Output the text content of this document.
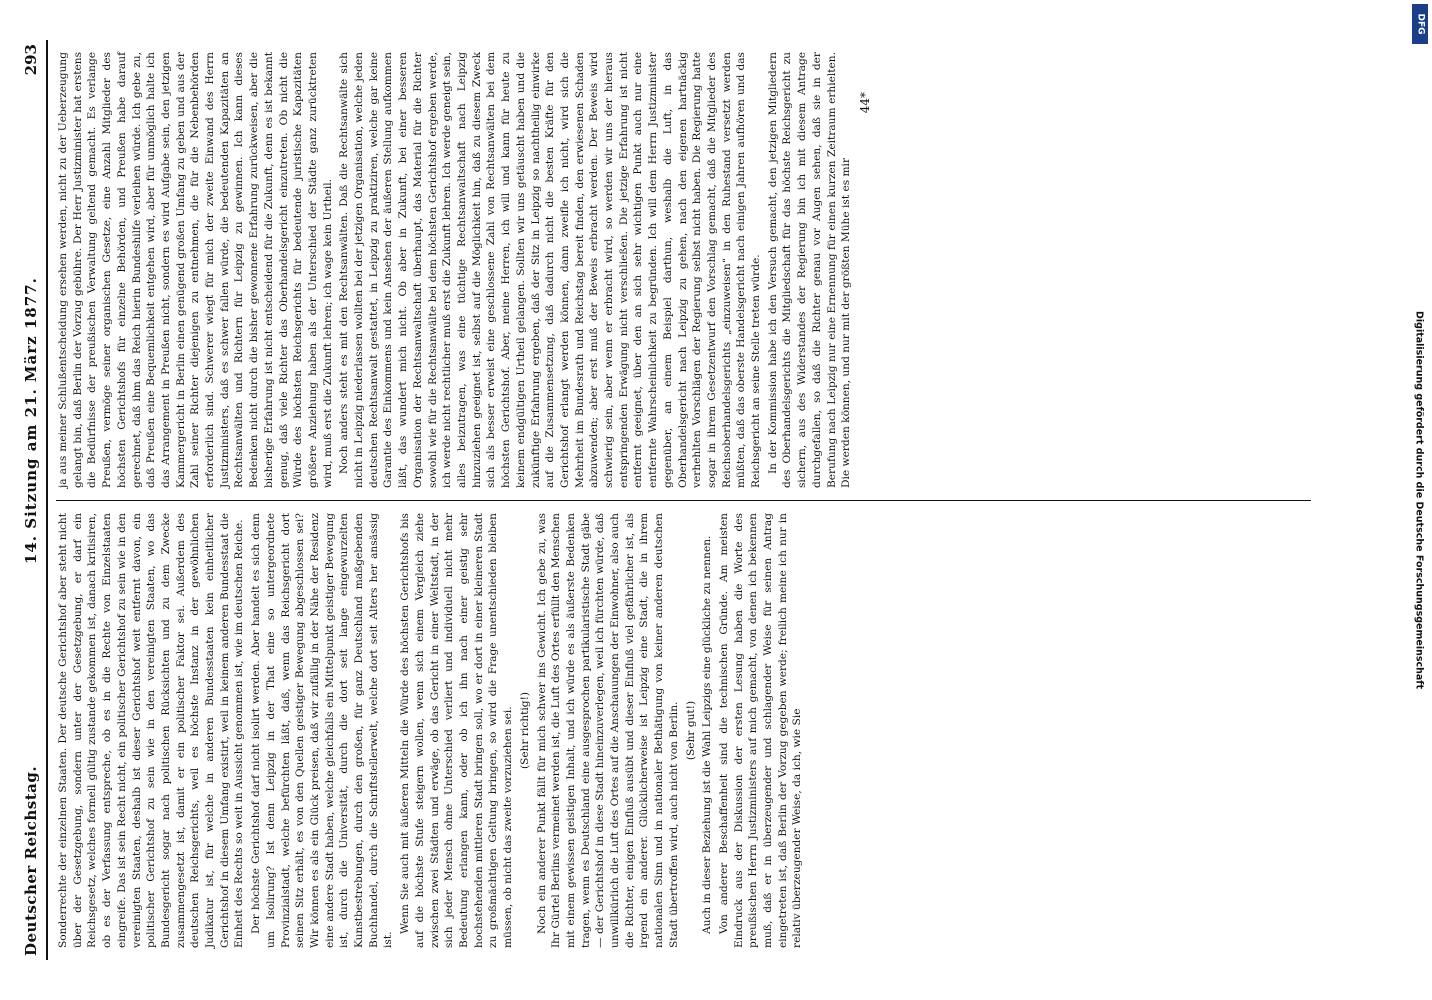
Deutscher Reichstag.
14. Sitzung am 21. März 1877.
293

Sonderrechte der einzelnen Staaten. Der deutsche Gerichtshof aber steht nicht über der Gesetzgebung, sondern unter der Gesetzgebung, er darf ein Reichsgesetz, welches formell gültig zustande gekommen ist, danach kritisiren, ob es der Verfassung entspreche, ob es in die Rechte von Einzelstaaten eingreife. Das ist sein Recht nicht, ein politischer Gerichtshof zu sein wie in den vereinigten Staaten, deshalb ist dieser Gerichtshof weit entfernt davon, ein politischer Gerichtshof zu sein wie in den vereinigten Staaten, wo das Bundesgericht sogar nach politischen Rücksichten und zu dem Zwecke zusammengesetzt ist, damit er ein politischer Faktor sei. Außerdem des deutschen Reichsgerichts, weil es höchste Instanz in der gewöhnlichen Judikatur ist, für welche in anderen Bundesstaaten kein einheitlicher Gerichtshof in diesem Umfang existirt, weil in keinem anderen Bundesstaat die Einheit des Rechts so weit in Aussicht genommen ist, wie im deutschen Reiche. Der höchste Gerichtshof darf nicht isolirt werden. Aber handelt es sich denn um Isolirung? Ist denn Leipzig in der That eine so untergeordnete Provinzialstadt, welche befürchten läßt, daß, wenn das Reichsgericht dort seinen Sitz erhält, es von den Quellen geistiger Bewegung abgeschlossen sei? Wir können es als ein Glück preisen, daß wir zufällig in der Nähe der Residenz eine andere Stadt haben, welche gleichfalls ein Mittelpunkt geistiger Bewegung ist, durch die Universität, durch die dort seit lange eingewurzelten Kunstbestrebungen, durch den großen, für ganz Deutschland maßgebenden Buchhandel, durch die Schriftstellerwelt, welche dort seit Alters her ansässig ist.

Wenn Sie auch mit äußeren Mitteln die Würde des höchsten Gerichtshofs bis auf die höchste Stufe steigern wollen, wenn sich einem Vergleich ziehe zwischen zwei Städten und erwäge, ob das Gericht in einer Weltstadt, in der sich jeder Mensch ohne Unterschied verliert und individuell nicht mehr Bedeutung erlangen kann, oder ob ich ihn nach einer geistig sehr hochstehenden mittleren Stadt bringen soll, wo er dort in einer kleineren Stadt zu großmächtigen Geltung bringen, so wird die Frage unentschieden bleiben müssen, ob nicht das zweite vorzuziehen sei. (Sehr richtig!) Noch ein anderer Punkt fällt für mich schwer ins Gewicht. Ich gebe zu, was Ihr Gürtel Berlins vermeinet werden ist, die Luft des Ortes erfüllt den Menschen mit einem gewissen geistigen Inhalt, und ich würde es als äußerste Bedenken tragen, wenn es Deutschland eine ausgesprochen partikularistische Stadt gäbe — der Gerichtshof in diese Stadt hineinzuverlegen, weil ich fürchten würde, daß unwillkürlich die Luft des Ortes auf die Anschauungen der Einwohner, also auch die Richter, einigen Einfluß ausübt und dieser Einfluß viel gefährlicher ist, als irgend ein anderer. Glücklicherweise ist Leipzig eine Stadt, die in ihrem nationalen Sinn und in nationaler Bethätigung von keiner anderen deutschen Stadt übertroffen wird, auch nicht von Berlin. (Sehr gut!) Auch in dieser Beziehung ist die Wahl Leipzigs eine glückliche zu nennen. Von anderer Beschaffenheit sind die technischen Gründe. Am meisten Eindruck aus der Diskussion der ersten Lesung haben die Worte des preußischen Herrn Justizministers auf mich gemacht, von denen ich bekennen muß, daß er in überzeugender und schlagender Weise für seinen Antrag eingetreten ist, daß Berlin der Vorzug gegeben werde; freilich meine ich nur in relativ überzeugender Weise, da ich, wie Sie

ja aus meiner Schlußentscheidung ersehen werden, nicht zu der Ueberzeugung gelangt bin, daß Berlin der Vorzug gebühre. Der Herr Justizminister hat erstens die Bedürfnisse der preußischen Verwaltung geltend gemacht. Es verlange Preußen, vermöge seiner organischen Gesetze, eine Anzahl Mitglieder des höchsten Gerichtshofs für einzelne Behörden, und Preußen habe darauf gerechnet, daß ihm das Reich hierin Bundeshilfe verleihen würde. Ich gebe zu, daß Preußen eine Bequemlichkeit entgehen wird, aber für unmöglich halte ich das Arrangement in Preußen nicht, sondern es wird Aufgabe sein, den jetzigen Kammergericht in Berlin einen genügend großen Umfang zu geben und aus der Zahl seiner Richter diejenigen zu entnehmen, die für die Nebenbehörden erforderlich sind. Schwerer wiegt für mich der zweite Einwand des Herrn Justizministers, daß es schwer fallen würde, die bedeutenden Kapazitäten an Rechtsanwälten und Richtern für Leipzig zu gewinnen. Ich kann dieses Bedenken nicht durch die bisher gewonnene Erfahrung zurückweisen, aber die bisherige Erfahrung ist nicht entscheidend für die Zukunft, denn es ist bekannt genug, daß viele Richter das Oberhandelsgericht einzutreten. Ob nicht die Würde des höchsten Reichsgerichts für bedeutende juristische Kapazitäten größere Anziehung haben als der Unterschied der Städte ganz zurücktreten wird, muß erst die Zukunft lehren; ich wage kein Urtheil. Noch anders steht es mit den Rechtsanwälten. Daß die Rechtsanwälte sich nicht in Leipzig niederlassen wollten bei der jetzigen Organisation, welche jeden deutschen Rechtsanwalt gestattet, in Leipzig zu praktiziren, welche gar keine Garantie des Einkommens und kein Ansehen der äußeren Stellung aufkommen läßt, das wundert mich nicht. Ob aber in Zukunft, bei einer besseren Organisation der Rechtsanwaltschaft überhaupt, das Material für die Richter sowohl wie für die Rechtsanwälte bei dem höchsten Gerichtshof ergeben werde, ich werde nicht rechtlicher muß erst die Zukunft lehren. Ich werde geneigt sein, alles beizutragen, was eine tüchtige Rechtsanwaltschaft nach Leipzig hinzuziehen geeignet ist, selbst auf die Möglichkeit hin, daß zu diesem Zweck sich als besser erweist eine geschlossene Zahl von Rechtsanwälten bei dem höchsten Gerichtshof. Aber, meine Herren, ich will und kann für heute zu keinem endgültigen Urtheil gelangen. Sollten wir uns getäuscht haben und die zukünftige Erfahrung ergeben, daß der Sitz in Leipzig so nachtheilig einwirke auf die Zusammensetzung, daß dadurch nicht die besten Kräfte für den Gerichtshof erlangt werden können, dann zweifle ich nicht, wird sich die Mehrheit im Bundesrath und Reichstag bereit finden, den erwiesenen Schaden abzuwenden; aber erst muß der Beweis erbracht werden. Der Beweis wird schwierig sein, aber wenn er erbracht wird, so werden wir uns der hieraus entspringenden Erwägung nicht verschließen. Die jetzige Erfahrung ist nicht entfernt geeignet, über den an sich sehr wichtigen Punkt auch nur eine entfernte Wahrscheinlichkeit zu begründen. Ich will dem Herrn Justizminister gegenüber, an einem Beispiel darthun, weshalb die Luft, in das Oberhandelsgericht nach Leipzig zu gehen, nach den eigenen hartnäckig verhehlten Vorschlägen der Regierung selbst nicht haben. Die Regierung hatte sogar in ihrem Gesetzentwurf den Vorschlag gemacht, daß die Mitglieder des Reichsoberhandelsgerichts „einzuweisen“ in den Ruhestand versetzt werden müßten, daß das oberste Handelsgericht nach einigen Jahren aufhören und das Reichsgericht an seine Stelle treten würde. In der Kommission habe ich den Versuch gemacht, den jetzigen Mitgliedern des Oberhandelsgerichts die Mitgliedschaft für das höchste Reichsgericht zu sichern, aus des Widerstandes der Regierung bin ich mit diesem Antrage durchgefallen, so daß die Richter genau vor Augen sehen, daß sie in der Berufung nach Leipzig nur eine Ernennung für einen kurzen Zeitraum erhielten. Die werden können, und nur mit der größten Mühe ist es mir

44*
Digitalisierung gefördert durch die Deutsche Forschungsgemeinschaft
DFG
